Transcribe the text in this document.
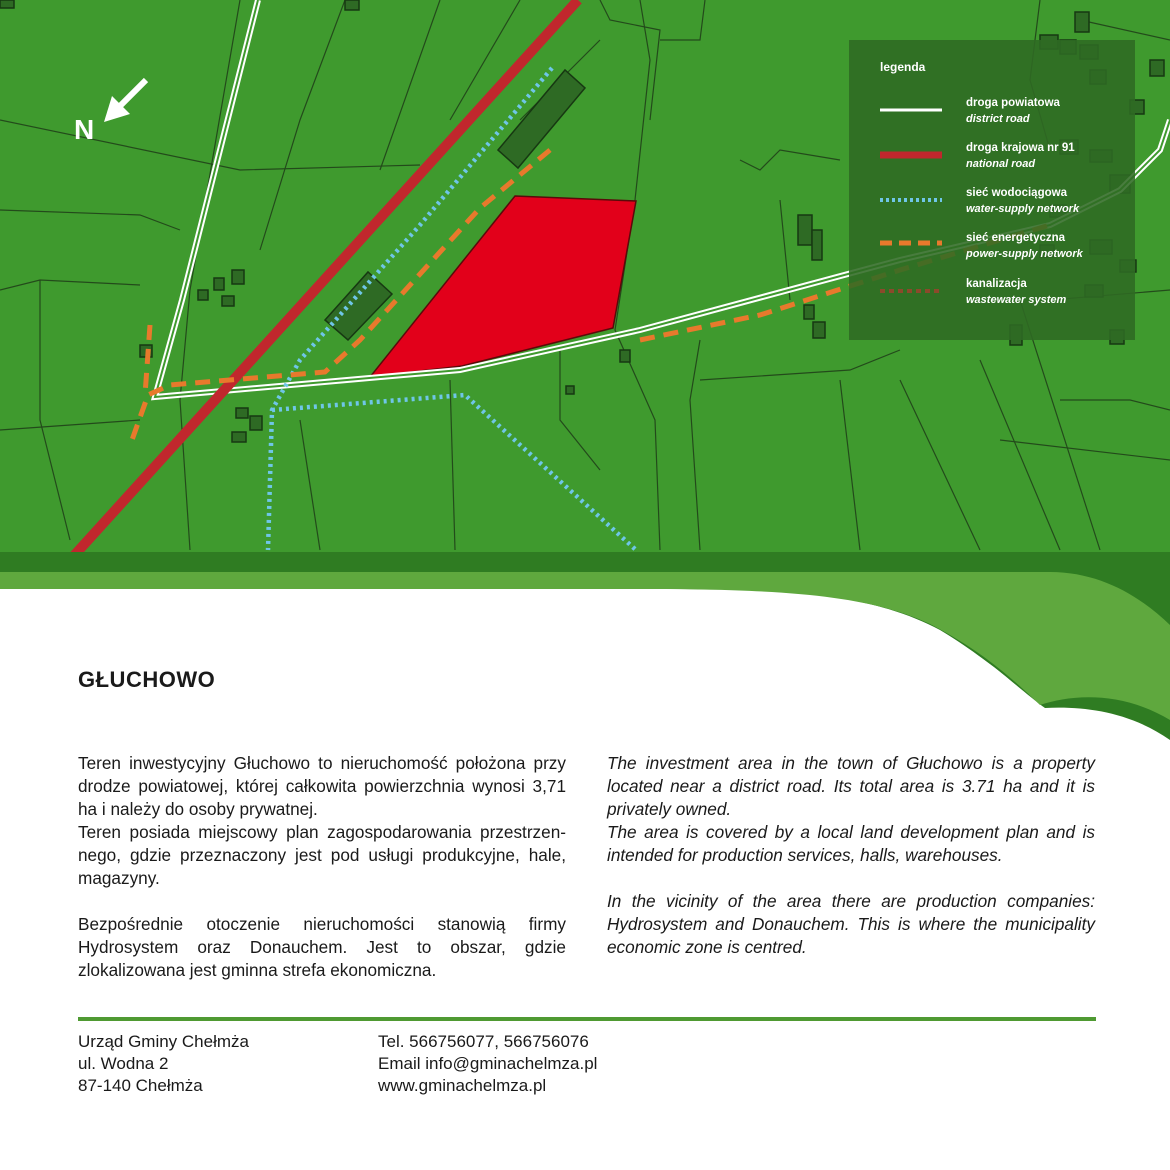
N
legenda
droga powiatowa
district road
droga krajowa nr 91
national road
sieć wodociągowa
water-supply network
sieć energetyczna
power-supply network
kanalizacja
wastewater system
GŁUCHOWO

Teren inwestycyjny Głuchowo to nieruchomość położona przy drodze powiatowej, której całkowita powierzchnia wynosi 3,71 ha i należy do osoby prywatnej.

Teren posiada miejscowy plan zagospodarowania przestrzennego, gdzie przeznaczony jest pod usługi produkcyjne, hale, magazyny.

Bezpośrednie otoczenie nieruchomości stanowią firmy Hydrosystem oraz Donauchem. Jest to obszar, gdzie zlokalizowana jest gminna strefa ekonomiczna.

The investment area in the town of Głuchowo is a property located near a district road. Its total area is 3.71 ha and it is privately owned.

The area is covered by a local land development plan and is intended for production services, halls, warehouses.

In the vicinity of the area there are production companies: Hydrosystem and Donauchem. This is where the municipality economic zone is centred.

Urząd Gminy Chełmża
ul. Wodna 2
87-140 Chełmża
Tel. 566756077, 566756076
Email info@gminachelmza.pl
www.gminachelmza.pl
